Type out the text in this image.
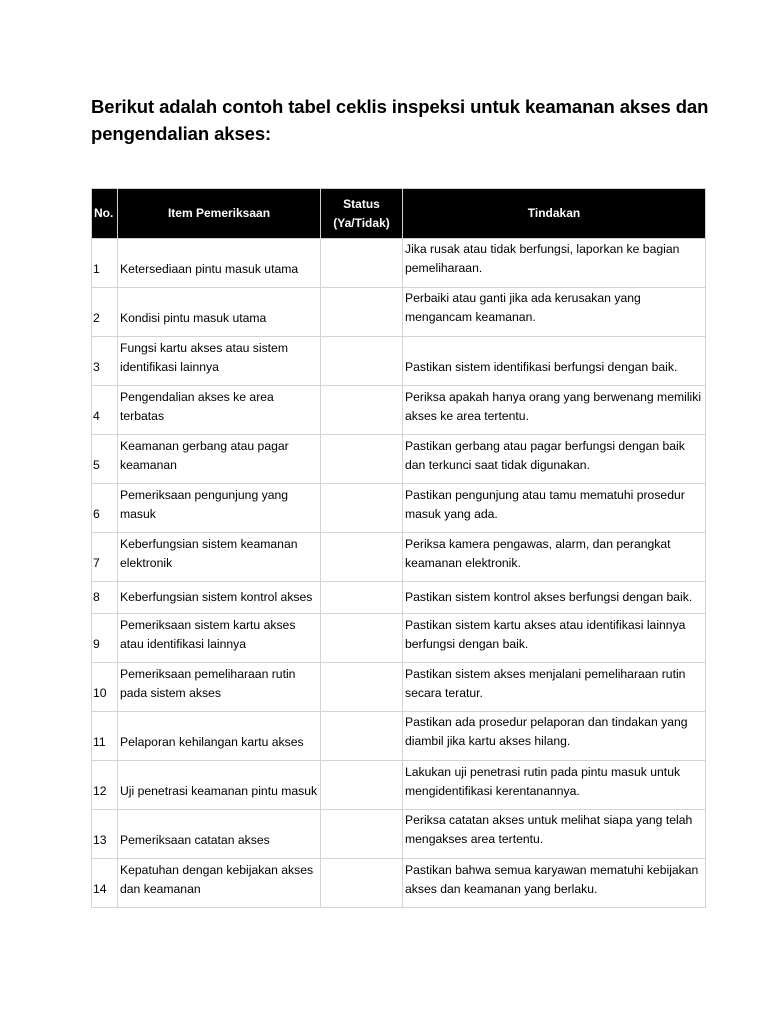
Berikut adalah contoh tabel ceklis inspeksi untuk keamanan akses dan pengendalian akses:
No.	Item Pemeriksaan	Status (Ya/Tidak)	Tindakan
1	Ketersediaan pintu masuk utama		Jika rusak atau tidak berfungsi, laporkan ke bagian pemeliharaan.
2	Kondisi pintu masuk utama		Perbaiki atau ganti jika ada kerusakan yang mengancam keamanan.
3	Fungsi kartu akses atau sistem identifikasi lainnya		Pastikan sistem identifikasi berfungsi dengan baik.
4	Pengendalian akses ke area terbatas		Periksa apakah hanya orang yang berwenang memiliki akses ke area tertentu.
5	Keamanan gerbang atau pagar keamanan		Pastikan gerbang atau pagar berfungsi dengan baik dan terkunci saat tidak digunakan.
6	Pemeriksaan pengunjung yang masuk		Pastikan pengunjung atau tamu mematuhi prosedur masuk yang ada.
7	Keberfungsian sistem keamanan elektronik		Periksa kamera pengawas, alarm, dan perangkat keamanan elektronik.
8	Keberfungsian sistem kontrol akses		Pastikan sistem kontrol akses berfungsi dengan baik.
9	Pemeriksaan sistem kartu akses atau identifikasi lainnya		Pastikan sistem kartu akses atau identifikasi lainnya berfungsi dengan baik.
10	Pemeriksaan pemeliharaan rutin pada sistem akses		Pastikan sistem akses menjalani pemeliharaan rutin secara teratur.
11	Pelaporan kehilangan kartu akses		Pastikan ada prosedur pelaporan dan tindakan yang diambil jika kartu akses hilang.
12	Uji penetrasi keamanan pintu masuk		Lakukan uji penetrasi rutin pada pintu masuk untuk mengidentifikasi kerentanannya.
13	Pemeriksaan catatan akses		Periksa catatan akses untuk melihat siapa yang telah mengakses area tertentu.
14	Kepatuhan dengan kebijakan akses dan keamanan		Pastikan bahwa semua karyawan mematuhi kebijakan akses dan keamanan yang berlaku.
